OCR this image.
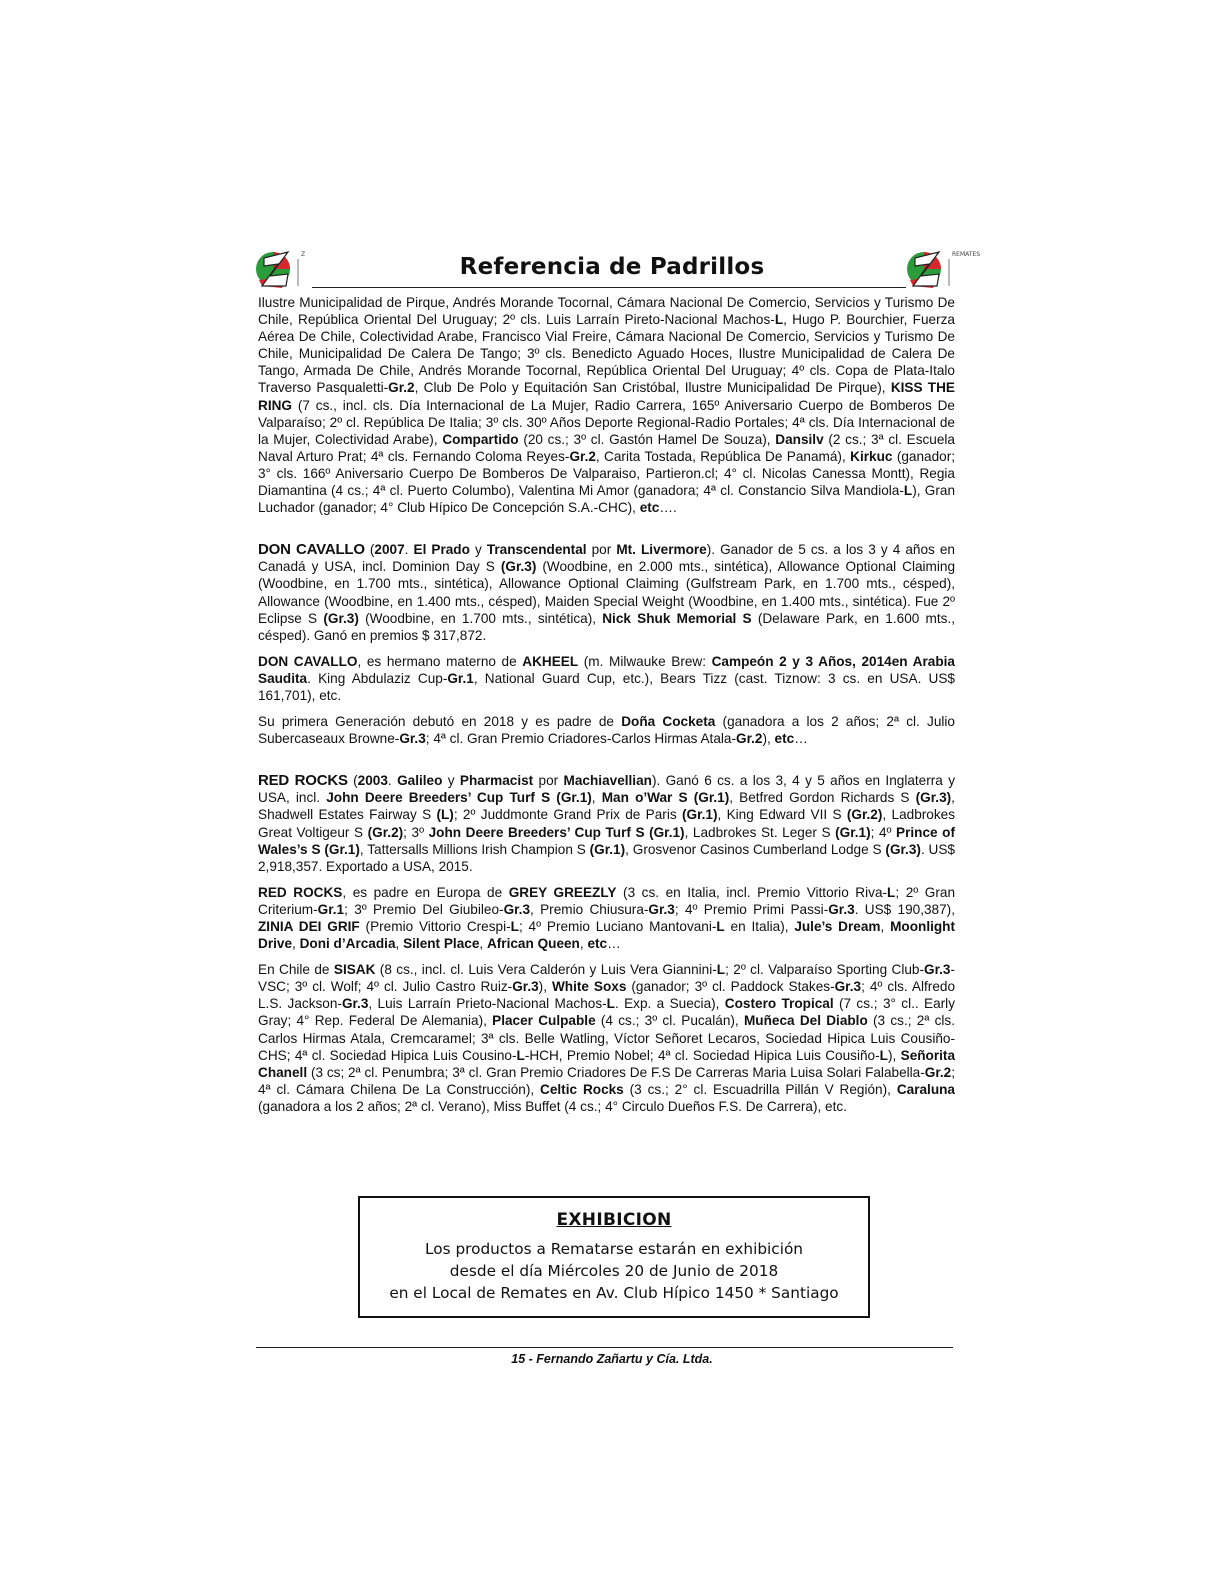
Z	REMATES
Referencia de Padrillos

Ilustre Municipalidad de Pirque, Andrés Morande Tocornal, Cámara Nacional De Comercio, Servicios y Turismo De Chile, República Oriental Del Uruguay; 2º cls. Luis Larraín Pireto-Nacional Machos-L, Hugo P. Bourchier, Fuerza Aérea De Chile, Colectividad Arabe, Francisco Vial Freire, Cámara Nacional De Comercio, Servicios y Turismo De Chile, Municipalidad De Calera De Tango; 3º cls. Benedicto Aguado Hoces, Ilustre Municipalidad de Calera De Tango, Armada De Chile, Andrés Morande Tocornal, República Oriental Del Uruguay; 4º cls. Copa de Plata-Italo Traverso Pasqualetti-Gr.2, Club De Polo y Equitación San Cristóbal, Ilustre Municipalidad De Pirque), KISS THE RING (7 cs., incl. cls. Día Internacional de La Mujer, Radio Carrera, 165º Aniversario Cuerpo de Bomberos De Valparaíso; 2º cl. República De Italia; 3º cls. 30º Años Deporte Regional-Radio Portales; 4ª cls. Día Internacional de la Mujer, Colectividad Arabe), Compartido (20 cs.; 3º cl. Gastón Hamel De Souza), Dansilv (2 cs.; 3ª cl. Escuela Naval Arturo Prat; 4ª cls. Fernando Coloma Reyes-Gr.2, Carita Tostada, República De Panamá), Kirkuc (ganador; 3° cls. 166º Aniversario Cuerpo De Bomberos De Valparaiso, Partieron.cl; 4° cl. Nicolas Canessa Montt), Regia Diamantina (4 cs.; 4ª cl. Puerto Columbo), Valentina Mi Amor (ganadora; 4ª cl. Constancio Silva Mandiola-L), Gran Luchador (ganador; 4° Club Hípico De Concepción S.A.-CHC), etc….

DON CAVALLO (2007. El Prado y Transcendental por Mt. Livermore). Ganador de 5 cs. a los 3 y 4 años en Canadá y USA, incl. Dominion Day S (Gr.3) (Woodbine, en 2.000 mts., sintética), Allowance Optional Claiming (Woodbine, en 1.700 mts., sintética), Allowance Optional Claiming (Gulfstream Park, en 1.700 mts., césped), Allowance (Woodbine, en 1.400 mts., césped), Maiden Special Weight (Woodbine, en 1.400 mts., sintética). Fue 2º Eclipse S (Gr.3) (Woodbine, en 1.700 mts., sintética), Nick Shuk Memorial S (Delaware Park, en 1.600 mts., césped). Ganó en premios $ 317,872.

DON CAVALLO, es hermano materno de AKHEEL (m. Milwauke Brew: Campeón 2 y 3 Años, 2014en Arabia Saudita. King Abdulaziz Cup-Gr.1, National Guard Cup, etc.), Bears Tizz (cast. Tiznow: 3 cs. en USA. US$ 161,701), etc.

Su primera Generación debutó en 2018 y es padre de Doña Cocketa (ganadora a los 2 años; 2ª cl. Julio Subercaseaux Browne-Gr.3; 4ª cl. Gran Premio Criadores-Carlos Hirmas Atala-Gr.2), etc…

RED ROCKS (2003. Galileo y Pharmacist por Machiavellian). Ganó 6 cs. a los 3, 4 y 5 años en Inglaterra y USA, incl. John Deere Breeders’ Cup Turf S (Gr.1), Man o’War S (Gr.1), Betfred Gordon Richards S (Gr.3), Shadwell Estates Fairway S (L); 2º Juddmonte Grand Prix de Paris (Gr.1), King Edward VII S (Gr.2), Ladbrokes Great Voltigeur S (Gr.2); 3º John Deere Breeders’ Cup Turf S (Gr.1), Ladbrokes St. Leger S (Gr.1); 4º Prince of Wales’s S (Gr.1), Tattersalls Millions Irish Champion S (Gr.1), Grosvenor Casinos Cumberland Lodge S (Gr.3). US$ 2,918,357. Exportado a USA, 2015.

RED ROCKS, es padre en Europa de GREY GREEZLY (3 cs. en Italia, incl. Premio Vittorio Riva-L; 2º Gran Criterium-Gr.1; 3º Premio Del Giubileo-Gr.3, Premio Chiusura-Gr.3; 4º Premio Primi Passi-Gr.3. US$ 190,387), ZINIA DEI GRIF (Premio Vittorio Crespi-L; 4º Premio Luciano Mantovani-L en Italia), Jule’s Dream, Moonlight Drive, Doni d’Arcadia, Silent Place, African Queen, etc…

En Chile de SISAK (8 cs., incl. cl. Luis Vera Calderón y Luis Vera Giannini-L; 2º cl. Valparaíso Sporting Club-Gr.3-VSC; 3º cl. Wolf; 4º cl. Julio Castro Ruiz-Gr.3), White Soxs (ganador; 3º cl. Paddock Stakes-Gr.3; 4º cls. Alfredo L.S. Jackson-Gr.3, Luis Larraín Prieto-Nacional Machos-L. Exp. a Suecia), Costero Tropical (7 cs.; 3° cl.. Early Gray; 4° Rep. Federal De Alemania), Placer Culpable (4 cs.; 3º cl. Pucalán), Muñeca Del Diablo (3 cs.; 2ª cls. Carlos Hirmas Atala, Cremcaramel; 3ª cls. Belle Watling, Víctor Señoret Lecaros, Sociedad Hipica Luis Cousiño-CHS; 4ª cl. Sociedad Hipica Luis Cousino-L-HCH, Premio Nobel; 4ª cl. Sociedad Hipica Luis Cousiño-L), Señorita Chanell (3 cs; 2ª cl. Penumbra; 3ª cl. Gran Premio Criadores De F.S De Carreras Maria Luisa Solari Falabella-Gr.2; 4ª cl. Cámara Chilena De La Construcción), Celtic Rocks (3 cs.; 2° cl. Escuadrilla Pillán V Región), Caraluna (ganadora a los 2 años; 2ª cl. Verano), Miss Buffet (4 cs.; 4° Circulo Dueños F.S. De Carrera), etc.

EXHIBICION
Los productos a Rematarse estarán en exhibición
desde el día Miércoles 20 de Junio de 2018
en el Local de Remates en Av. Club Hípico 1450 * Santiago
15 - Fernando Zañartu y Cía. Ltda.
